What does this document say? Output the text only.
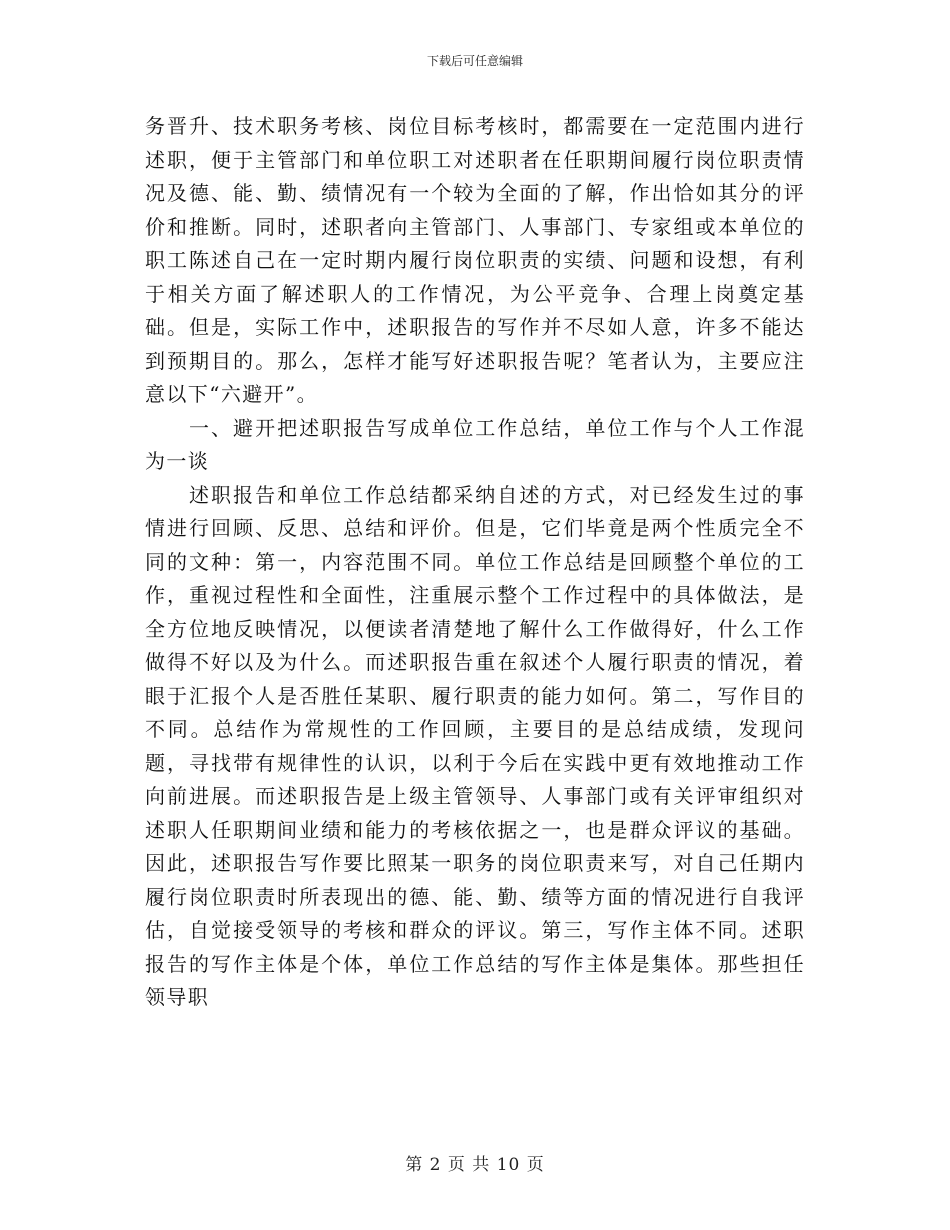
下载后可任意编辑

务晋升、技术职务考核、岗位目标考核时，都需要在一定范围内进行述职，便于主管部门和单位职工对述职者在任职期间履行岗位职责情况及德、能、勤、绩情况有一个较为全面的了解，作出恰如其分的评价和推断。同时，述职者向主管部门、人事部门、专家组或本单位的职工陈述自己在一定时期内履行岗位职责的实绩、问题和设想，有利于相关方面了解述职人的工作情况，为公平竞争、合理上岗奠定基础。但是，实际工作中，述职报告的写作并不尽如人意，许多不能达到预期目的。那么，怎样才能写好述职报告呢？笔者认为，主要应注意以下“六避开”。

一、避开把述职报告写成单位工作总结，单位工作与个人工作混为一谈

述职报告和单位工作总结都采纳自述的方式，对已经发生过的事情进行回顾、反思、总结和评价。但是，它们毕竟是两个性质完全不同的文种：第一，内容范围不同。单位工作总结是回顾整个单位的工作，重视过程性和全面性，注重展示整个工作过程中的具体做法，是全方位地反映情况，以便读者清楚地了解什么工作做得好，什么工作做得不好以及为什么。而述职报告重在叙述个人履行职责的情况，着眼于汇报个人是否胜任某职、履行职责的能力如何。第二，写作目的不同。总结作为常规性的工作回顾，主要目的是总结成绩，发现问题，寻找带有规律性的认识，以利于今后在实践中更有效地推动工作向前进展。而述职报告是上级主管领导、人事部门或有关评审组织对述职人任职期间业绩和能力的考核依据之一，也是群众评议的基础。因此，述职报告写作要比照某一职务的岗位职责来写，对自己任期内履行岗位职责时所表现出的德、能、勤、绩等方面的情况进行自我评估，自觉接受领导的考核和群众的评议。第三，写作主体不同。述职报告的写作主体是个体，单位工作总结的写作主体是集体。那些担任领导职

第 2 页 共 10 页
